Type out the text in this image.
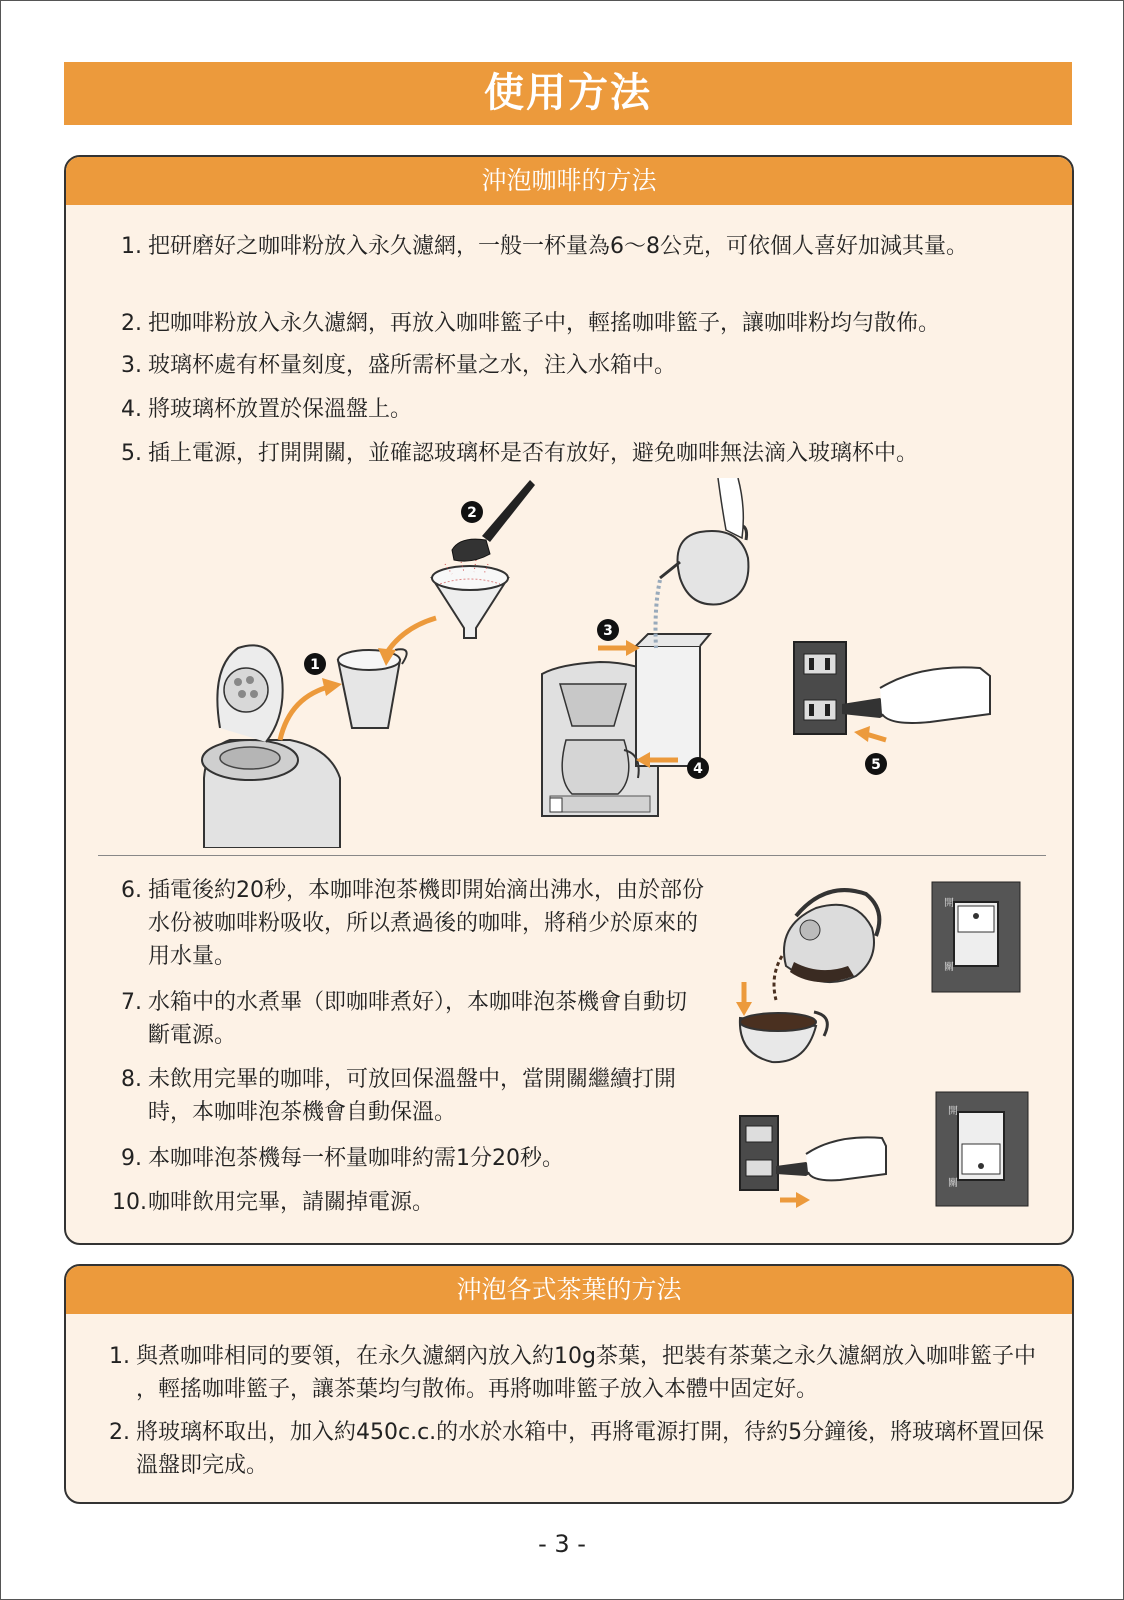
使用方法
沖泡咖啡的方法
1. 把研磨好之咖啡粉放入永久濾網，一般一杯量為6～8公克，可依個人喜好加減其量。
2. 把咖啡粉放入永久濾網，再放入咖啡籃子中，輕搖咖啡籃子，讓咖啡粉均勻散佈。
3. 玻璃杯處有杯量刻度，盛所需杯量之水，注入水箱中。
4. 將玻璃杯放置於保溫盤上。
5. 插上電源，打開開關，並確認玻璃杯是否有放好，避免咖啡無法滴入玻璃杯中。
6. 插電後約20秒，本咖啡泡茶機即開始滴出沸水，由於部份水份被咖啡粉吸收，所以煮過後的咖啡，將稍少於原來的用水量。
7. 水箱中的水煮畢（即咖啡煮好），本咖啡泡茶機會自動切斷電源。
8. 未飲用完畢的咖啡，可放回保溫盤中，當開關繼續打開時，本咖啡泡茶機會自動保溫。
9. 本咖啡泡茶機每一杯量咖啡約需1分20秒。
10. 咖啡飲用完畢，請關掉電源。
2
1
3
4	5
開
關
開
關
沖泡各式茶葉的方法
1. 與煮咖啡相同的要領，在永久濾網內放入約10g茶葉，把裝有茶葉之永久濾網放入咖啡籃子中 ，輕搖咖啡籃子，讓茶葉均勻散佈。再將咖啡籃子放入本體中固定好。
2. 將玻璃杯取出，加入約450c.c.的水於水箱中，再將電源打開，待約5分鐘後，將玻璃杯置回保溫盤即完成。
- 3 -
